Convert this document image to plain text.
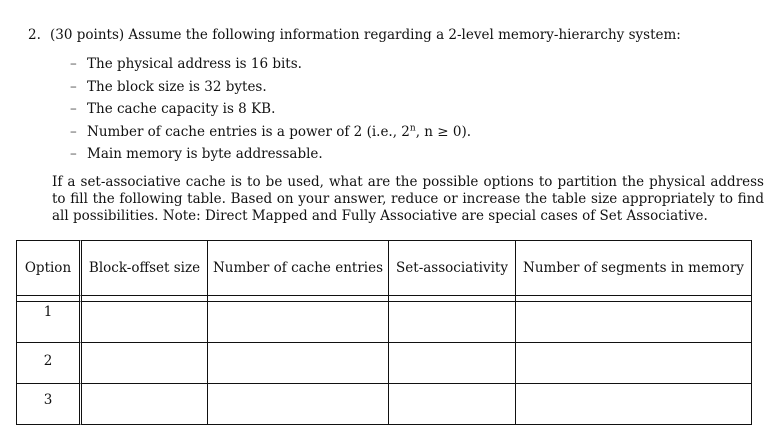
2. (30 points) Assume the following information regarding a 2-level memory-hierarchy system:
– The physical address is 16 bits.
– The block size is 32 bytes.
– The cache capacity is 8 KB.
– Number of cache entries is a power of 2 (i.e., 2$^n$, n ≥ 0).
– Main memory is byte addressable.
If a set-associative cache is to be used, what are the possible options to partition the physical address to fill the following table. Based on your answer, reduce or increase the table size appropriately to find all possibilities. Note: Direct Mapped and Fully Associative are special cases of Set Associative.
Option	Block-offset size	Number of cache entries	Set-associativity	Number of segments in memory

1				

2				

3				
